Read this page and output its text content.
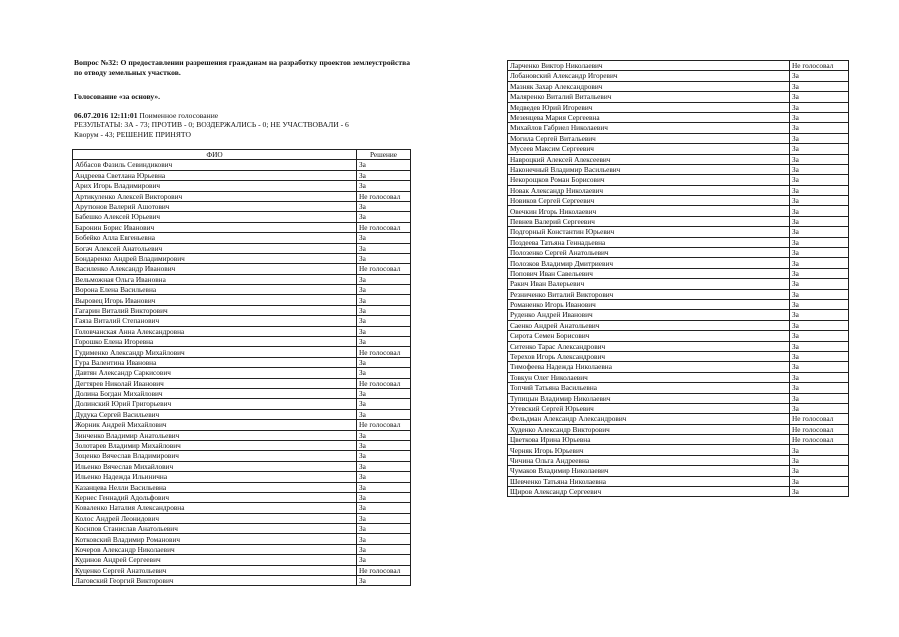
Вопрос №32: О предоставлении разрешения гражданам на разработку проектов землеустройства по отводу земельных участков.

Голосование «за основу».

06.07.2016 12:11:01 Поименное голосование

РЕЗУЛЬТАТЫ: ЗА - 73; ПРОТИВ - 0; ВОЗДЕРЖАЛИСЬ - 0; НЕ УЧАСТВОВАЛИ - 6

Кворум - 43; РЕШЕНИЕ ПРИНЯТО

ФИО	Решение
Аббасов Фазиль Севиндикович	За
Андреева Светлана Юрьевна	За
Арих Игорь Владимирович	За
Артикуленко Алексей Викторович	Не голосовал
Арутюнов Валерий Ашотович	За
Бабешко Алексей Юрьевич	За
Баронин Борис Иванович	Не голосовал
Бобейко Алла Евгеньевна	За
Богач Алексей Анатольевич	За
Бондаренко Андрей Владимирович	За
Василенко Александр Иванович	Не голосовал
Вельможная Ольга Ивановна	За
Ворона Елена Васильевна	За
Выровец Игорь Иванович	За
Гагарин Виталий Викторович	За
Гаяза Виталий Степанович	За
Головчанская Анна Александровна	За
Горошко Елена Игоревна	За
Гудименко Александр Михайлович	Не голосовал
Гура Валентина Ивановна	За
Давтян Александр Саркисович	За
Дегтярев Николай Иванович	Не голосовал
Долина Богдан Михайлович	За
Долинский Юрий Григорьевич	За
Дудука Сергей Васильевич	За
Жорник Андрей Михайлович	Не голосовал
Зинченко Владимир Анатольевич	За
Золотарев Владимир Михайлович	За
Зоценко Вячеслав Владимирович	За
Ильенко Вячеслав Михайлович	За
Ильенко Надежда Ильинична	За
Казанцева Нелли Васильевна	За
Кернес Геннадий Адольфович	За
Коваленко Наталия Александровна	За
Колос Андрей Леонидович	За
Коснпов Станислав Анатольевич	За
Котковский Владимир Романович	За
Кочеров Александр Николаевич	За
Кудинов Андрей Сергеевич	За
Куценко Сергей Анатольевич	Не голосовал
Лаговский Георгий Викторович	За
Ларченко Виктор Николаевич	Не голосовал
Лобановский Александр Игоревич	За
Мазняк Захар Александрович	За
Маляренко Виталий Витальевич	За
Медведев Юрий Игоревич	За
Мезенцева Мария Сергеевна	За
Михайлов Габриел Николаевич	За
Могила Сергей Витальевич	За
Мусеев Максим Сергеевич	За
Навроцкий Алексей Алексеевич	За
Наконечный Владимир Васильевич	За
Некорощков Роман Борисович	За
Новак Александр Николаевич	За
Новиков Сергей Сергеевич	За
Овечкин Игорь Николаевич	За
Певнев Валерий Сергеевич	За
Подгорный Константин Юрьевич	За
Поздеева Татьяна Геннадьевна	За
Полозенко Сергей Анатольевич	За
Полозков Владимир Дмитриевич	За
Попович Иван Савельевич	За
Ракич Иван Валерьевич	За
Резниченко Виталий Викторович	За
Романенко Игорь Иванович	За
Руденко Андрей Иванович	За
Саенко Андрей Анатольевич	За
Сирота Семен Борисович	За
Ситенко Тарас Александрович	За
Терехов Игорь Александрович	За
Тимофеева Надежда Николаевна	За
Товкун Олег Николаевич	За
Топчий Татьяна Васильевна	За
Тупицын Владимир Николаевич	За
Утевский Сергей Юрьевич	За
Фельдман Александр Александрович	Не голосовал
Худенко Александр Викторович	Не голосовал
Цветкова Ирина Юрьевна	Не голосовал
Черняк Игорь Юрьевич	За
Чичина Ольга Андреевна	За
Чумаков Владимир Николаевич	За
Шевченко Татьяна Николаевна	За
Щиров Александр Сергеевич	За
